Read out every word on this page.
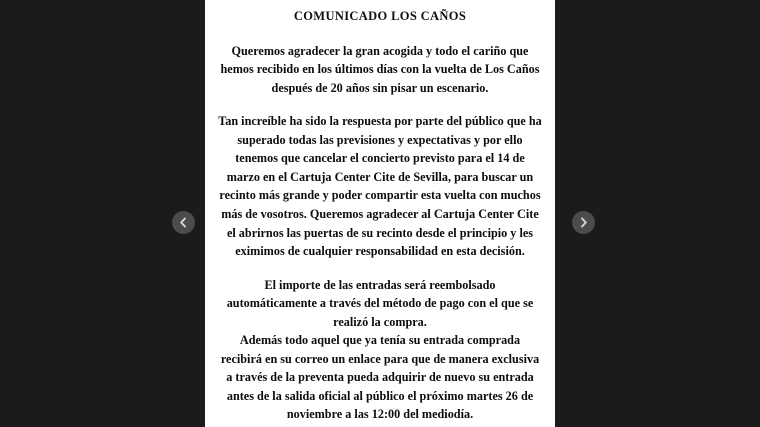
COMUNICADO LOS CAÑOS

Queremos agradecer la gran acogida y todo el cariño que hemos recibido en los últimos días con la vuelta de Los Caños después de 20 años sin pisar un escenario.

Tan increíble ha sido la respuesta por parte del público que ha superado todas las previsiones y expectativas y por ello tenemos que cancelar el concierto previsto para el 14 de marzo en el Cartuja Center Cite de Sevilla, para buscar un recinto más grande y poder compartir esta vuelta con muchos más de vosotros. Queremos agradecer al Cartuja Center Cite el abrirnos las puertas de su recinto desde el principio y les eximimos de cualquier responsabilidad en esta decisión.

El importe de las entradas será reembolsado automáticamente a través del método de pago con el que se realizó la compra.

Además todo aquel que ya tenía su entrada comprada recibirá en su correo un enlace para que de manera exclusiva a través de la preventa pueda adquirir de nuevo su entrada antes de la salida oficial al público el próximo martes 26 de noviembre a las 12:00 del mediodía.
